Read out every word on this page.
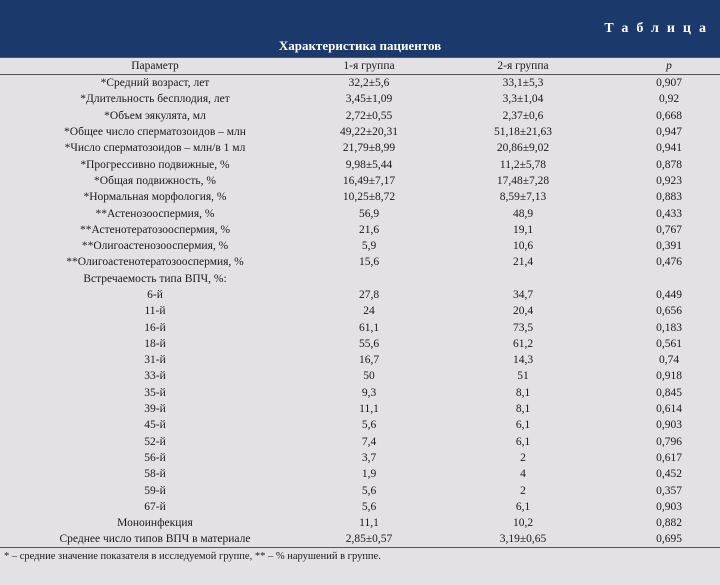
Таблица
Характеристика пациентов
Параметр	1-я группа	2-я группа	p
*Средний возраст, лет	32,2±5,6	33,1±5,3	0,907
*Длительность бесплодия, лет	3,45±1,09	3,3±1,04	0,92
*Объем эякулята, мл	2,72±0,55	2,37±0,6	0,668
*Общее число сперматозоидов – млн	49,22±20,31	51,18±21,63	0,947
*Число сперматозоидов – млн/в 1 мл	21,79±8,99	20,86±9,02	0,941
*Прогрессивно подвижные, %	9,98±5,44	11,2±5,78	0,878
*Общая подвижность, %	16,49±7,17	17,48±7,28	0,923
*Нормальная морфология, %	10,25±8,72	8,59±7,13	0,883
**Астенозооспермия, %	56,9	48,9	0,433
**Астенотератозооспермия, %	21,6	19,1	0,767
**Олигоастенозооспермия, %	5,9	10,6	0,391
**Олигоастенотератозооспермия, %	15,6	21,4	0,476
Встречаемость типа ВПЧ, %:			
6-й	27,8	34,7	0,449
11-й	24	20,4	0,656
16-й	61,1	73,5	0,183
18-й	55,6	61,2	0,561
31-й	16,7	14,3	0,74
33-й	50	51	0,918
35-й	9,3	8,1	0,845
39-й	11,1	8,1	0,614
45-й	5,6	6,1	0,903
52-й	7,4	6,1	0,796
56-й	3,7	2	0,617
58-й	1,9	4	0,452
59-й	5,6	2	0,357
67-й	5,6	6,1	0,903
Моноинфекция	11,1	10,2	0,882
Среднее число типов ВПЧ в материале	2,85±0,57	3,19±0,65	0,695
* – средние значение показателя в исследуемой группе, ** – % нарушений в группе.
